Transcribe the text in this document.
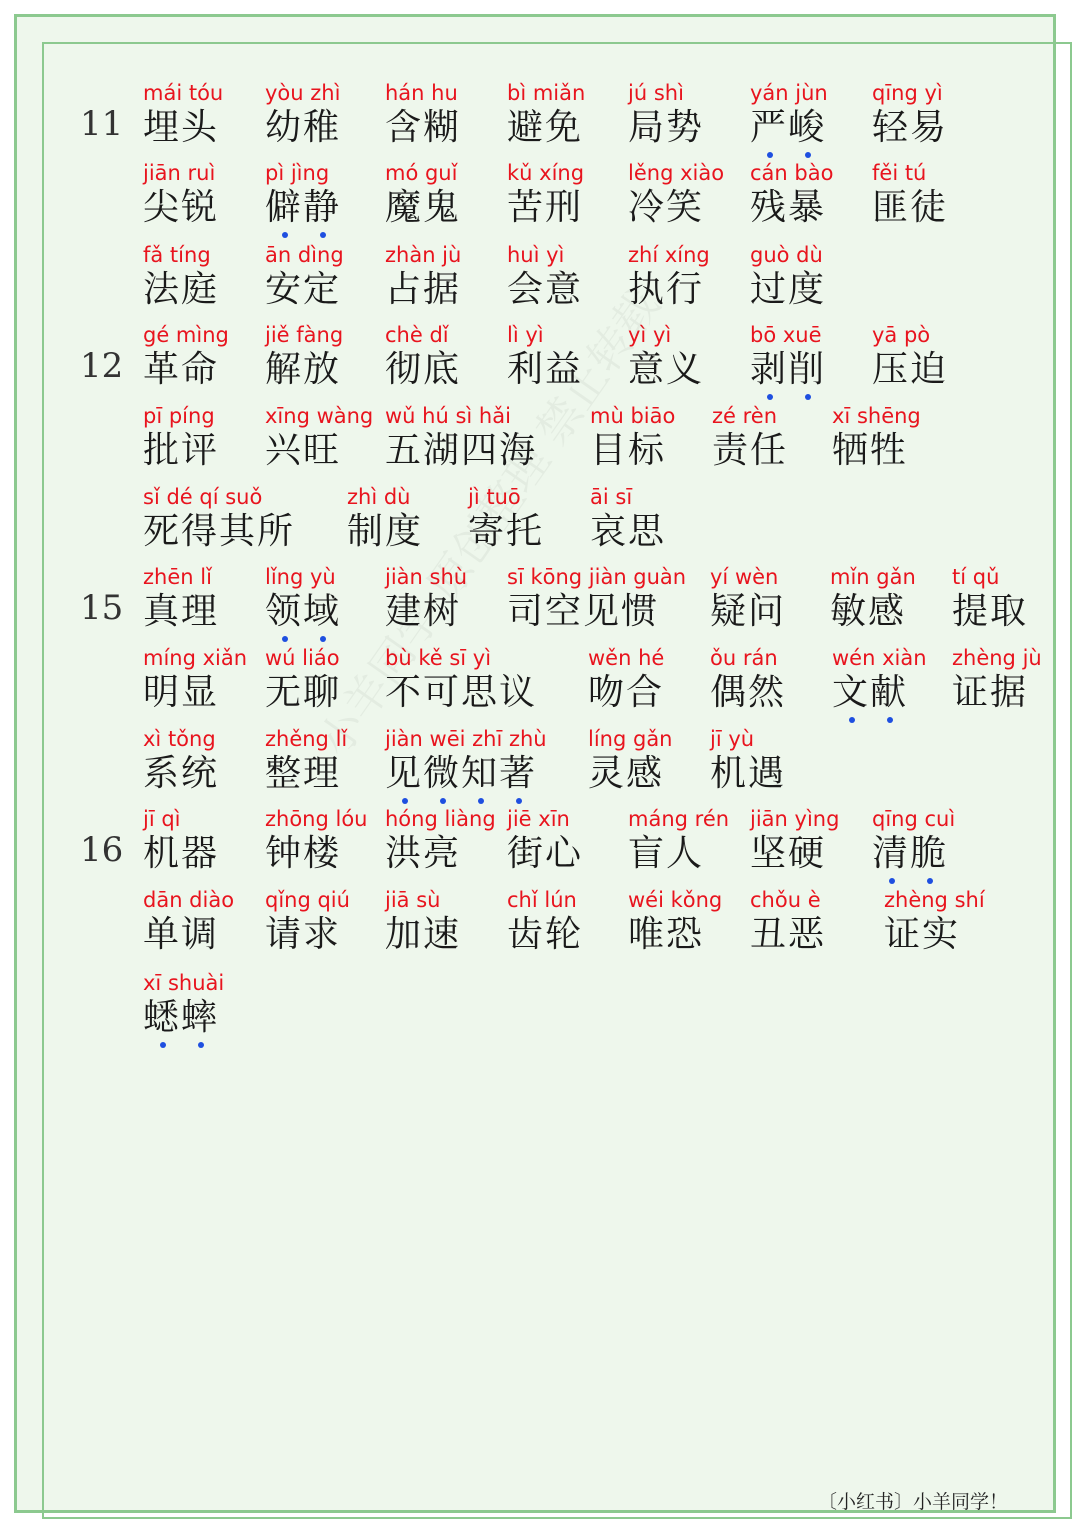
11
mái tóu
埋头
yòu zhì
幼稚
hán hu
含糊
bì miǎn
避免
jú shì
局势
yán jùn
严峻
qīng yì
轻易
jiān ruì
尖锐
pì jìng
僻静
mó guǐ
魔鬼
kǔ xíng
苦刑
lěng xiào
冷笑
cán bào
残暴
fěi tú
匪徒
fǎ tíng
法庭
ān dìng
安定
zhàn jù
占据
huì yì
会意
zhí xíng
执行
guò dù
过度
12
gé mìng
革命
jiě fàng
解放
chè dǐ
彻底
lì yì
利益
yì yì
意义
bō xuē
剥削
yā pò
压迫
pī píng
批评
xīng wàng
兴旺
wǔ hú sì hǎi
五湖四海
mù biāo
目标
zé rèn
责任
xī shēng
牺牲
sǐ dé qí suǒ
死得其所
zhì dù
制度
jì tuō
寄托
āi sī
哀思
15
zhēn lǐ
真理
lǐng yù
领域
jiàn shù
建树
sī kōng jiàn guàn
司空见惯
yí wèn
疑问
mǐn gǎn
敏感
tí qǔ
提取
míng xiǎn
明显
wú liáo
无聊
bù kě sī yì
不可思议
wěn hé
吻合
ǒu rán
偶然
wén xiàn
文献
zhèng jù
证据
xì tǒng
系统
zhěng lǐ
整理
jiàn wēi zhī zhù
见微知著
líng gǎn
灵感
jī yù
机遇
16
jī qì
机器
zhōng lóu
钟楼
hóng liàng
洪亮
jiē xīn
街心
máng rén
盲人
jiān yìng
坚硬
qīng cuì
清脆
dān diào
单调
qǐng qiú
请求
jiā sù
加速
chǐ lún
齿轮
wéi kǒng
唯恐
chǒu è
丑恶
zhèng shí
证实
xī shuài
蟋蟀
〔小红书〕小羊同学！
